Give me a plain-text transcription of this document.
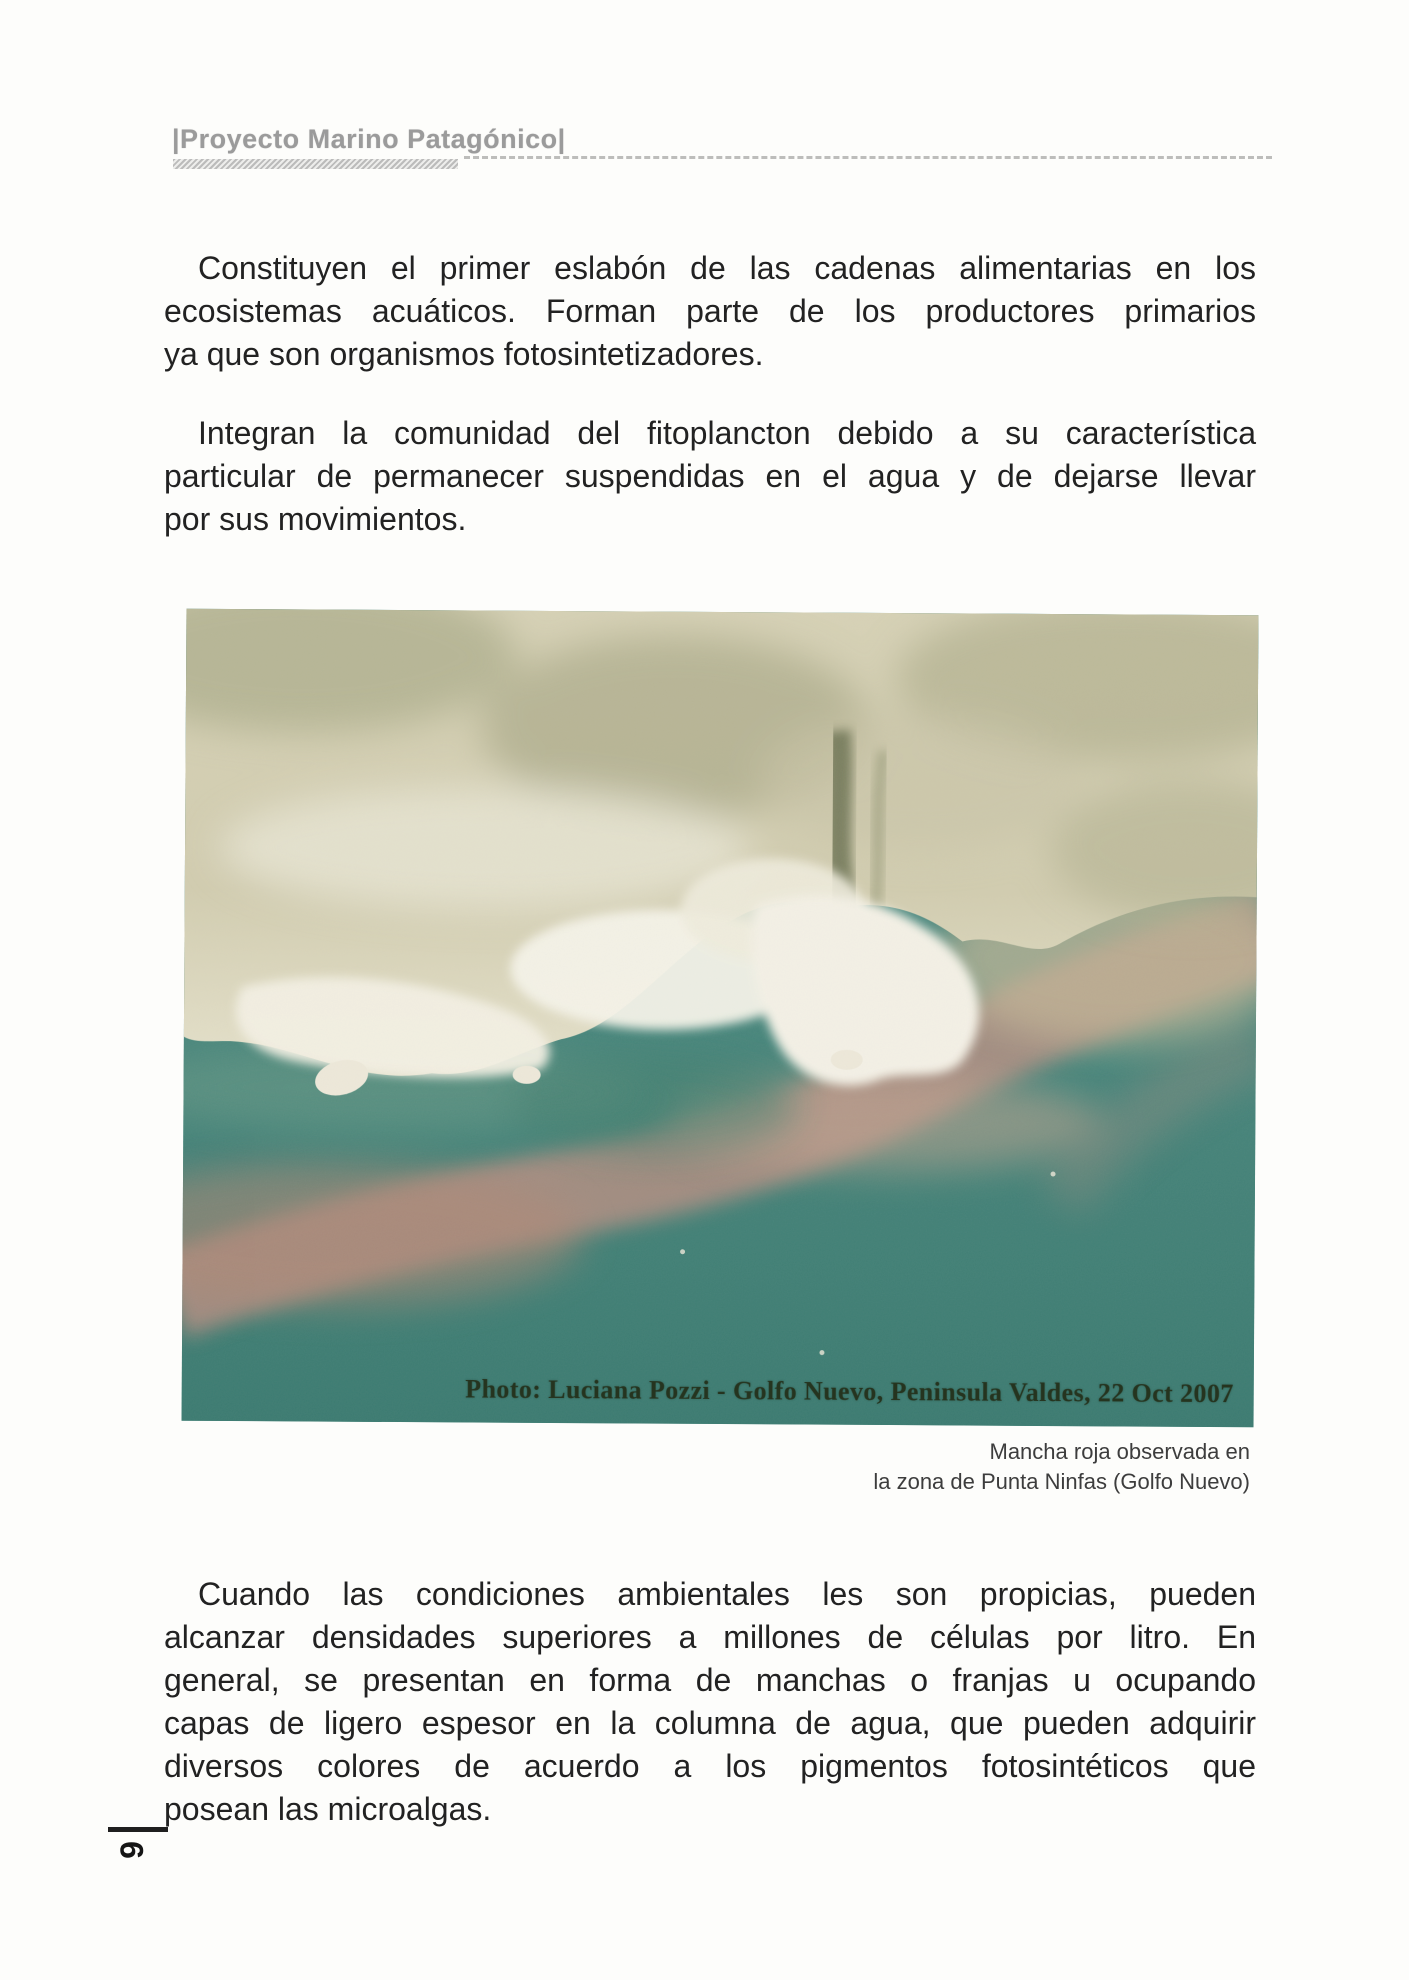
|Proyecto Marino Patagónico|
Constituyen el primer eslabón de las cadenas alimentarias en los
ecosistemas acuáticos. Forman parte de los productores primarios
ya que son organismos fotosintetizadores.
Integran la comunidad del fitoplancton debido a su característica
particular de permanecer suspendidas en el agua y de dejarse llevar
por sus movimientos.
Photo: Luciana Pozzi - Golfo Nuevo, Peninsula Valdes, 22 Oct 2007
Mancha roja observada en
la zona de Punta Ninfas (Golfo Nuevo)
Cuando las condiciones ambientales les son propicias, pueden
alcanzar densidades superiores a millones de células por litro. En
general, se presentan en forma de manchas o franjas u ocupando
capas de ligero espesor en la columna de agua, que pueden adquirir
diversos colores de acuerdo a los pigmentos fotosintéticos que
posean las microalgas.
9
